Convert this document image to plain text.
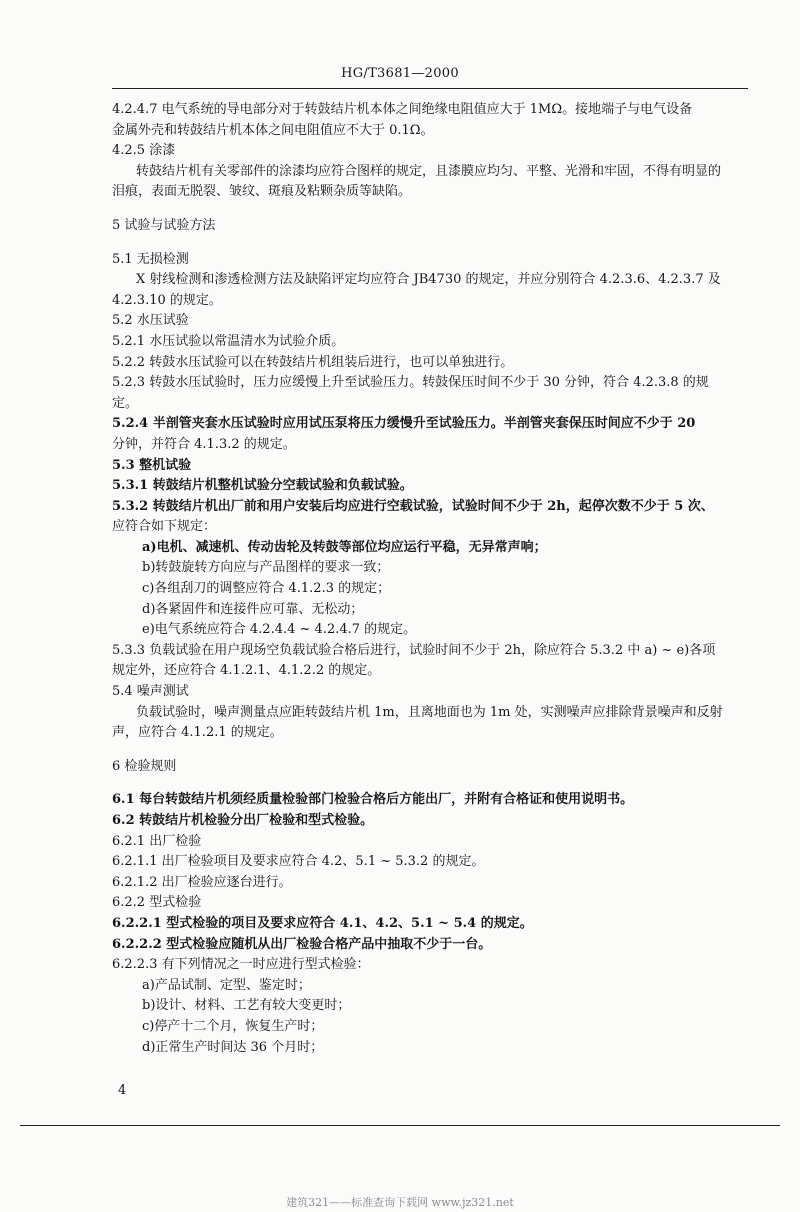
HG/T3681—2000
4.2.4.7 电气系统的导电部分对于转鼓结片机本体之间绝缘电阻值应大于 1MΩ。接地端子与电气设备
金属外壳和转鼓结片机本体之间电阻值应不大于 0.1Ω。
4.2.5 涂漆
转鼓结片机有关零部件的涂漆均应符合图样的规定，且漆膜应均匀、平整、光滑和牢固，不得有明显的
泪痕，表面无脱裂、皱纹、斑痕及粘颗杂质等缺陷。
5 试验与试验方法
5.1 无损检测
X 射线检测和渗透检测方法及缺陷评定均应符合 JB4730 的规定，并应分别符合 4.2.3.6、4.2.3.7 及
4.2.3.10 的规定。
5.2 水压试验
5.2.1 水压试验以常温清水为试验介质。
5.2.2 转鼓水压试验可以在转鼓结片机组装后进行，也可以单独进行。
5.2.3 转鼓水压试验时，压力应缓慢上升至试验压力。转鼓保压时间不少于 30 分钟，符合 4.2.3.8 的规
定。
5.2.4 半剖管夹套水压试验时应用试压泵将压力缓慢升至试验压力。半剖管夹套保压时间应不少于 20
分钟，并符合 4.1.3.2 的规定。
5.3 整机试验
5.3.1 转鼓结片机整机试验分空载试验和负载试验。
5.3.2 转鼓结片机出厂前和用户安装后均应进行空载试验，试验时间不少于 2h，起停次数不少于 5 次、
应符合如下规定：
a)电机、减速机、传动齿轮及转鼓等部位均应运行平稳，无异常声响；
b)转鼓旋转方向应与产品图样的要求一致；
c)各组刮刀的调整应符合 4.1.2.3 的规定；
d)各紧固件和连接件应可靠、无松动；
e)电气系统应符合 4.2.4.4 ~ 4.2.4.7 的规定。
5.3.3 负载试验在用户现场空负载试验合格后进行，试验时间不少于 2h，除应符合 5.3.2 中 a) ~ e)各项
规定外，还应符合 4.1.2.1、4.1.2.2 的规定。
5.4 噪声测试
负载试验时，噪声测量点应距转鼓结片机 1m，且离地面也为 1m 处，实测噪声应排除背景噪声和反射
声，应符合 4.1.2.1 的规定。
6 检验规则
6.1 每台转鼓结片机须经质量检验部门检验合格后方能出厂，并附有合格证和使用说明书。
6.2 转鼓结片机检验分出厂检验和型式检验。
6.2.1 出厂检验
6.2.1.1 出厂检验项目及要求应符合 4.2、5.1 ~ 5.3.2 的规定。
6.2.1.2 出厂检验应逐台进行。
6.2.2 型式检验
6.2.2.1 型式检验的项目及要求应符合 4.1、4.2、5.1 ~ 5.4 的规定。
6.2.2.2 型式检验应随机从出厂检验合格产品中抽取不少于一台。
6.2.2.3 有下列情况之一时应进行型式检验：
a)产品试制、定型、鉴定时；
b)设计、材料、工艺有较大变更时；
c)停产十二个月，恢复生产时；
d)正常生产时间达 36 个月时；
4
建筑321——标准查询下载网 www.jz321.net
